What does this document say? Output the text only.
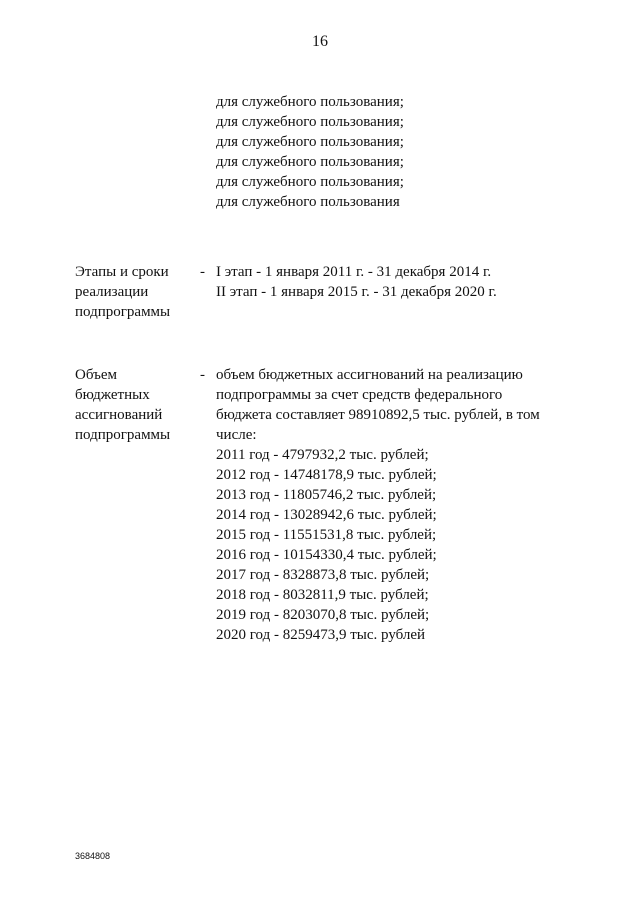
16
для служебного пользования;
для служебного пользования;
для служебного пользования;
для служебного пользования;
для служебного пользования;
для служебного пользования
Этапы и сроки
реализации
подпрограммы
- I этап - 1 января 2011 г. - 31 декабря 2014 г.
II этап - 1 января 2015 г. - 31 декабря 2020 г.
Объем
бюджетных
ассигнований
подпрограммы
- объем бюджетных ассигнований на реализацию
подпрограммы за счет средств федерального
бюджета составляет 98910892,5 тыс. рублей, в том
числе:
2011 год - 4797932,2 тыс. рублей;
2012 год - 14748178,9 тыс. рублей;
2013 год - 11805746,2 тыс. рублей;
2014 год - 13028942,6 тыс. рублей;
2015 год - 11551531,8 тыс. рублей;
2016 год - 10154330,4 тыс. рублей;
2017 год - 8328873,8 тыс. рублей;
2018 год - 8032811,9 тыс. рублей;
2019 год - 8203070,8 тыс. рублей;
2020 год - 8259473,9 тыс. рублей
3684808
